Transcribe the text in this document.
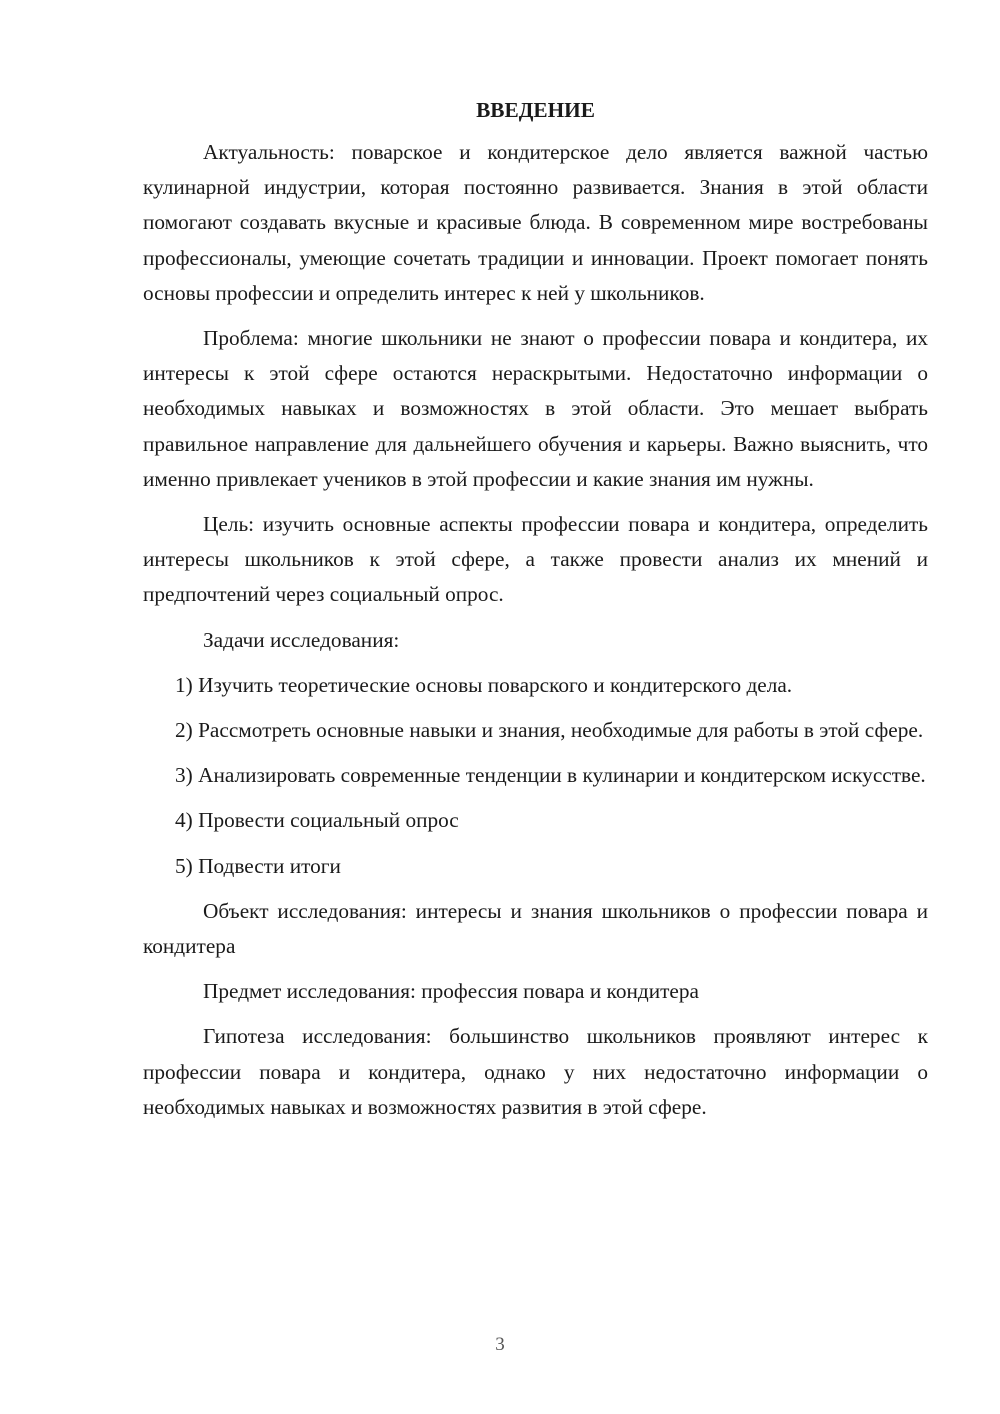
ВВЕДЕНИЕ

Актуальность: поварское и кондитерское дело является важной частью кулинарной индустрии, которая постоянно развивается. Знания в этой области помогают создавать вкусные и красивые блюда. В современном мире востребованы профессионалы, умеющие сочетать традиции и инновации. Проект помогает понять основы профессии и определить интерес к ней у школьников.

Проблема: многие школьники не знают о профессии повара и кондитера, их интересы к этой сфере остаются нераскрытыми. Недостаточно информации о необходимых навыках и возможностях в этой области. Это мешает выбрать правильное направление для дальнейшего обучения и карьеры. Важно выяснить, что именно привлекает учеников в этой профессии и какие знания им нужны.

Цель: изучить основные аспекты профессии повара и кондитера, определить интересы школьников к этой сфере, а также провести анализ их мнений и предпочтений через социальный опрос.

Задачи исследования:

1) Изучить теоретические основы поварского и кондитерского дела.

2) Рассмотреть основные навыки и знания, необходимые для работы в этой сфере.

3) Анализировать современные тенденции в кулинарии и кондитерском искусстве.

4) Провести социальный опрос

5) Подвести итоги

Объект исследования: интересы и знания школьников о профессии повара и кондитера

Предмет исследования: профессия повара и кондитера

Гипотеза исследования: большинство школьников проявляют интерес к профессии повара и кондитера, однако у них недостаточно информации о необходимых навыках и возможностях развития в этой сфере.

3
